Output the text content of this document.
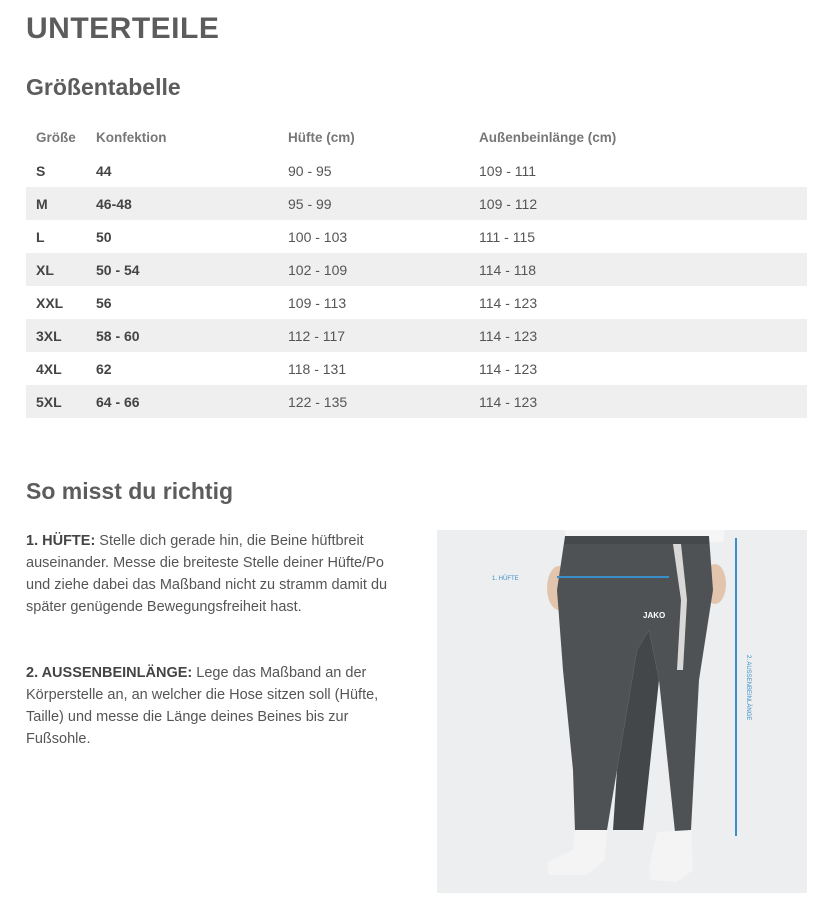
UNTERTEILE
Größentabelle
Größe	Konfektion	Hüfte (cm)	Außenbeinlänge (cm)
S	44	90 - 95	109 - 111
M	46-48	95 - 99	109 - 112
L	50	100 - 103	111 - 115
XL	50 - 54	102 - 109	114 - 118
XXL	56	109 - 113	114 - 123
3XL	58 - 60	112 - 117	114 - 123
4XL	62	118 - 131	114 - 123
5XL	64 - 66	122 - 135	114 - 123
So misst du richtig

1. HÜFTE: Stelle dich gerade hin, die Beine hüftbreit auseinander. Messe die breiteste Stelle deiner Hüfte/Po und ziehe dabei das Maßband nicht zu stramm damit du später genügende Bewegungsfreiheit hast.

2. AUSSENBEINLÄNGE: Lege das Maßband an der Körperstelle an, an welcher die Hose sitzen soll (Hüfte, Taille) und messe die Länge deines Beines bis zur Fußsohle.

JAKO
1. HÜFTE
2. AUSSENBEINLÄNGE
